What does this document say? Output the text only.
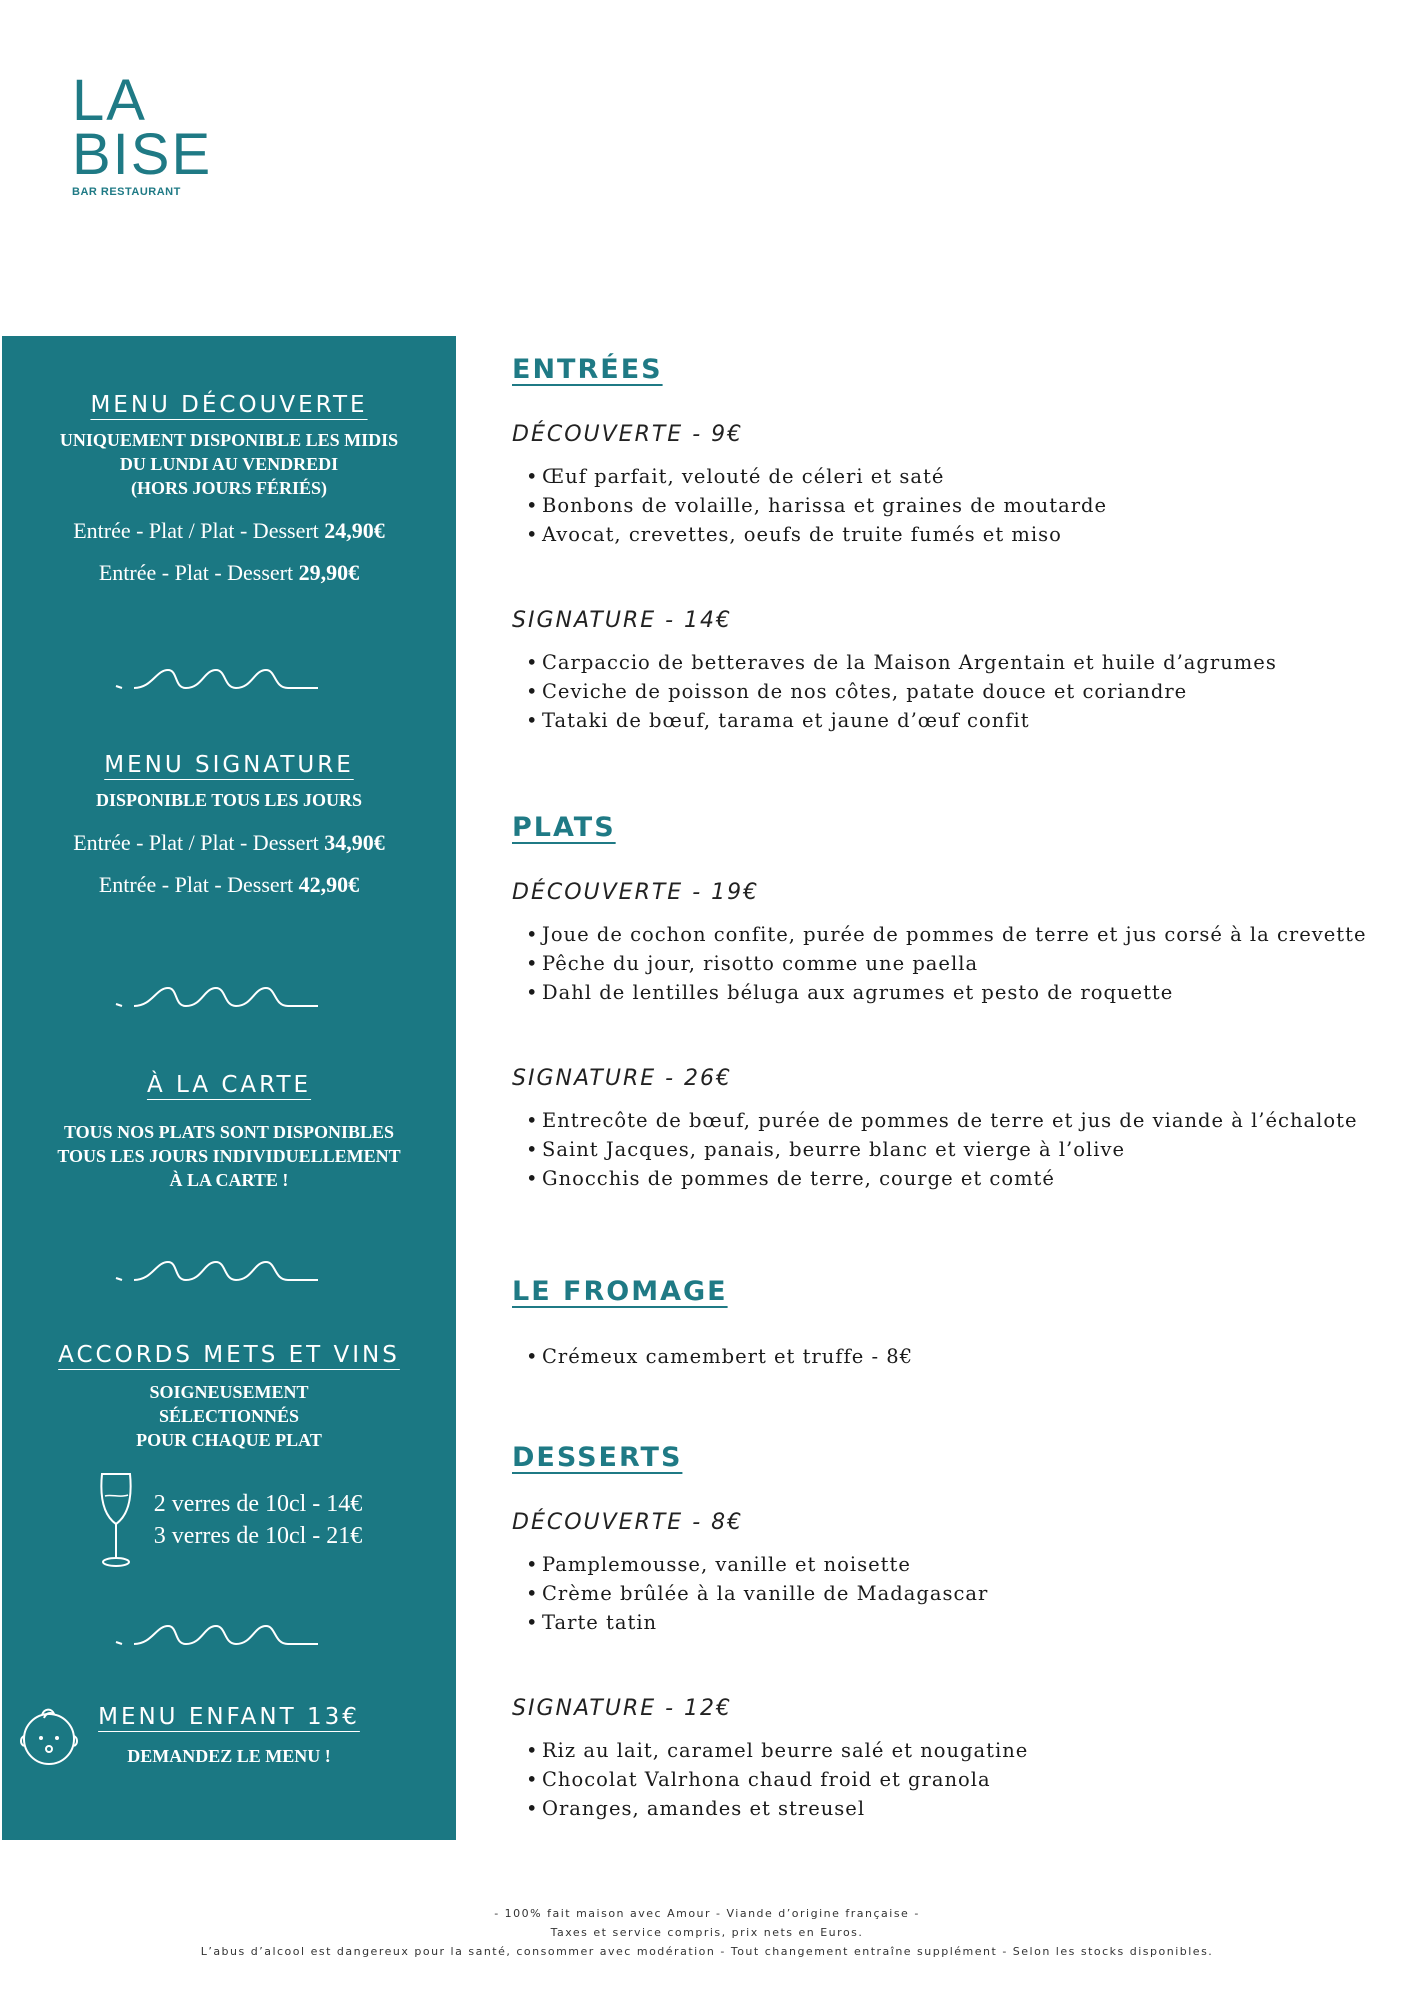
LA
BISE
BAR RESTAURANT
MENU DÉCOUVERTE
UNIQUEMENT DISPONIBLE LES MIDIS
DU LUNDI AU VENDREDI
(HORS JOURS FÉRIÉS)
Entrée - Plat / Plat - Dessert 24,90€
Entrée - Plat - Dessert 29,90€
MENU SIGNATURE
DISPONIBLE TOUS LES JOURS
Entrée - Plat / Plat - Dessert 34,90€
Entrée - Plat - Dessert 42,90€
À LA CARTE
TOUS NOS PLATS SONT DISPONIBLES
TOUS LES JOURS INDIVIDUELLEMENT
À LA CARTE !
ACCORDS METS ET VINS
SOIGNEUSEMENT
SÉLECTIONNÉS
POUR CHAQUE PLAT
2 verres de 10cl - 14€
3 verres de 10cl - 21€
MENU ENFANT 13€
DEMANDEZ LE MENU !
ENTRÉES
DÉCOUVERTE - 9€
• Œuf parfait, velouté de céleri et saté
• Bonbons de volaille, harissa et graines de moutarde
• Avocat, crevettes, oeufs de truite fumés et miso
SIGNATURE - 14€
• Carpaccio de betteraves de la Maison Argentain et huile d’agrumes
• Ceviche de poisson de nos côtes, patate douce et coriandre
• Tataki de bœuf, tarama et jaune d’œuf confit
PLATS
DÉCOUVERTE - 19€
• Joue de cochon confite, purée de pommes de terre et jus corsé à la crevette
• Pêche du jour, risotto comme une paella
• Dahl de lentilles béluga aux agrumes et pesto de roquette
SIGNATURE - 26€
• Entrecôte de bœuf, purée de pommes de terre et jus de viande à l’échalote
• Saint Jacques, panais, beurre blanc et vierge à l’olive
• Gnocchis de pommes de terre, courge et comté
LE FROMAGE
• Crémeux camembert et truffe - 8€
DESSERTS
DÉCOUVERTE - 8€
• Pamplemousse, vanille et noisette
• Crème brûlée à la vanille de Madagascar
• Tarte tatin
SIGNATURE - 12€
• Riz au lait, caramel beurre salé et nougatine
• Chocolat Valrhona chaud froid et granola
• Oranges, amandes et streusel
- 100% fait maison avec Amour - Viande d’origine française -
Taxes et service compris, prix nets en Euros.
L’abus d’alcool est dangereux pour la santé, consommer avec modération - Tout changement entraîne supplément - Selon les stocks disponibles.
